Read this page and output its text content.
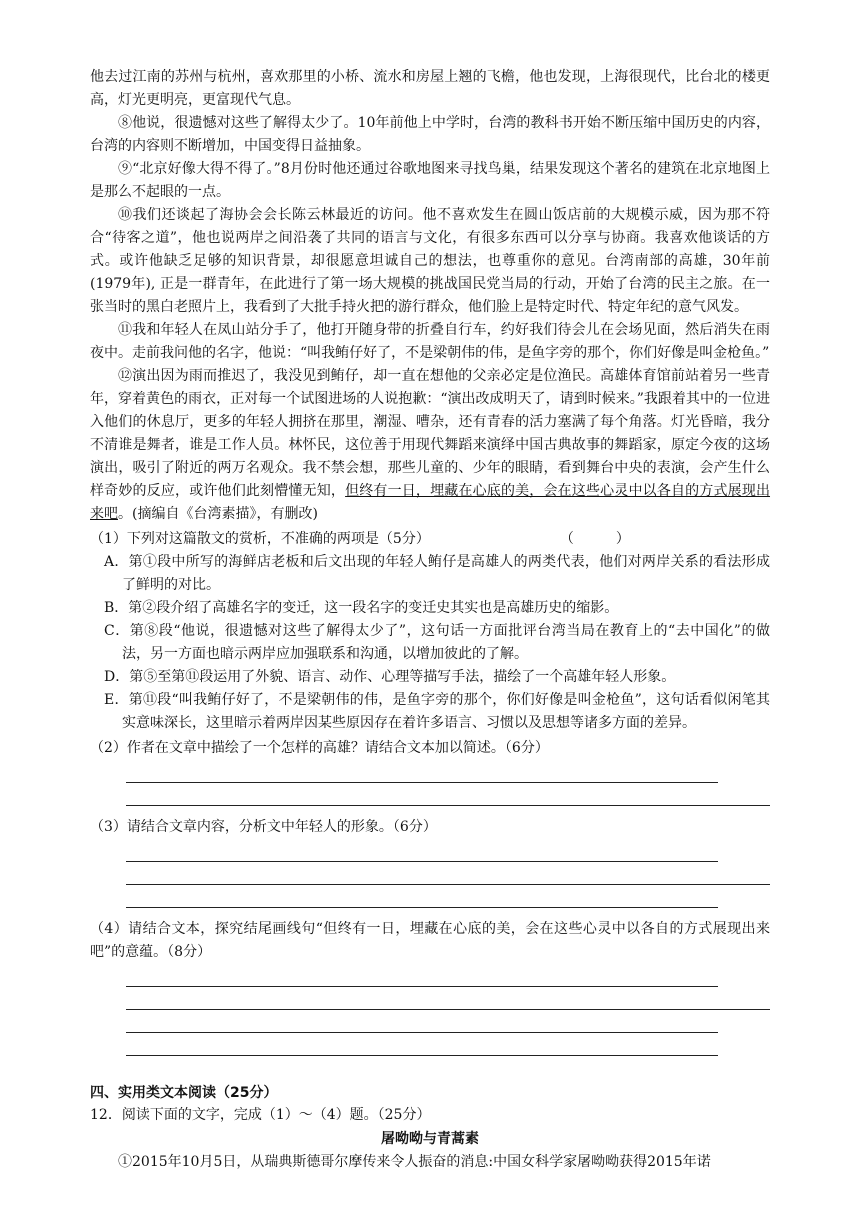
他去过江南的苏州与杭州，喜欢那里的小桥、流水和房屋上翘的飞檐，他也发现，上海很现代，比台北的楼更高，灯光更明亮，更富现代气息。

⑧他说，很遗憾对这些了解得太少了。10年前他上中学时，台湾的教科书开始不断压缩中国历史的内容，台湾的内容则不断增加，中国变得日益抽象。

⑨“北京好像大得不得了。”8月份时他还通过谷歌地图来寻找鸟巢，结果发现这个著名的建筑在北京地图上是那么不起眼的一点。

⑩我们还谈起了海协会会长陈云林最近的访问。他不喜欢发生在圆山饭店前的大规模示威，因为那不符合“待客之道”，他也说两岸之间沿袭了共同的语言与文化，有很多东西可以分享与协商。我喜欢他谈话的方式。或许他缺乏足够的知识背景，却很愿意坦诚自己的想法，也尊重你的意见。台湾南部的高雄，30年前(1979年), 正是一群青年，在此进行了第一场大规模的挑战国民党当局的行动，开始了台湾的民主之旅。在一张当时的黑白老照片上，我看到了大批手持火把的游行群众，他们脸上是特定时代、特定年纪的意气风发。

⑪我和年轻人在凤山站分手了，他打开随身带的折叠自行车，约好我们待会儿在会场见面，然后消失在雨夜中。走前我问他的名字，他说：“叫我鲔仔好了，不是梁朝伟的伟，是鱼字旁的那个，你们好像是叫金枪鱼。”

⑫演出因为雨而推迟了，我没见到鲔仔，却一直在想他的父亲必定是位渔民。高雄体育馆前站着另一些青年，穿着黄色的雨衣，正对每一个试图进场的人说抱歉：“演出改成明天了，请到时候来。”我跟着其中的一位进入他们的休息厅，更多的年轻人拥挤在那里，潮湿、嘈杂，还有青春的活力塞满了每个角落。灯光昏暗，我分不清谁是舞者，谁是工作人员。林怀民，这位善于用现代舞蹈来演绎中国古典故事的舞蹈家，原定今夜的这场演出，吸引了附近的两万名观众。我不禁会想，那些儿童的、少年的眼睛，看到舞台中央的表演，会产生什么样奇妙的反应，或许他们此刻懵懂无知，但终有一日，埋藏在心底的美，会在这些心灵中以各自的方式展现出来吧。(摘编自《台湾素描》，有删改)

（1）下列对这篇散文的赏析，不准确的两项是（5分）	（　　　）

A．第①段中所写的海鲜店老板和后文出现的年轻人鲔仔是高雄人的两类代表，他们对两岸关系的看法形成了鲜明的对比。

B．第②段介绍了高雄名字的变迁，这一段名字的变迁史其实也是高雄历史的缩影。

C．第⑧段“他说，很遗憾对这些了解得太少了”，这句话一方面批评台湾当局在教育上的“去中国化”的做法，另一方面也暗示两岸应加强联系和沟通，以增加彼此的了解。

D．第⑤至第⑪段运用了外貌、语言、动作、心理等描写手法，描绘了一个高雄年轻人形象。

E．第⑪段“叫我鲔仔好了，不是梁朝伟的伟，是鱼字旁的那个，你们好像是叫金枪鱼”，这句话看似闲笔其实意味深长，这里暗示着两岸因某些原因存在着许多语言、习惯以及思想等诸多方面的差异。

（2）作者在文章中描绘了一个怎样的高雄？请结合文本加以简述。（6分）

（3）请结合文章内容，分析文中年轻人的形象。（6分）

（4）请结合文本，探究结尾画线句“但终有一日，埋藏在心底的美，会在这些心灵中以各自的方式展现出来吧”的意蕴。（8分）

四、实用类文本阅读（25分）

12．阅读下面的文字，完成（1）～（4）题。（25分）

屠呦呦与青蒿素

①2015年10月5日，从瑞典斯德哥尔摩传来令人振奋的消息:中国女科学家屠呦呦获得2015年诺
